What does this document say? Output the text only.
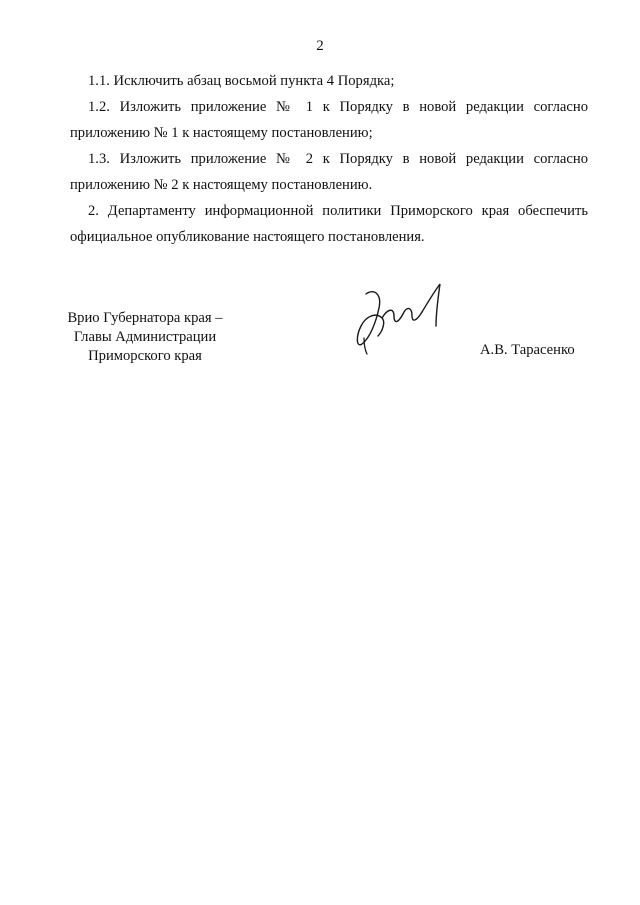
2
1.1. Исключить абзац восьмой пункта 4 Порядка;
1.2. Изложить приложение № 1 к Порядку в новой редакции согласно
приложению № 1 к настоящему постановлению;
1.3. Изложить приложение № 2 к Порядку в новой редакции согласно
приложению № 2 к настоящему постановлению.
2. Департаменту информационной политики Приморского края обеспечить
официальное опубликование настоящего постановления.
Врио Губернатора края –
Главы Администрации
Приморского края	А.В. Тарасенко
